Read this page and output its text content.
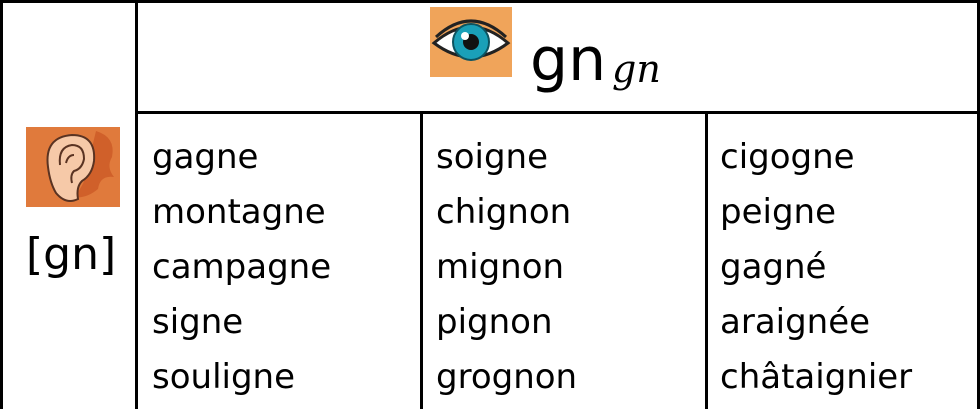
gn gn
[gn]
gagne
montagne
campagne
signe
souligne
soigne
chignon
mignon
pignon
grognon
cigogne
peigne
gagné
araignée
châtaignier
